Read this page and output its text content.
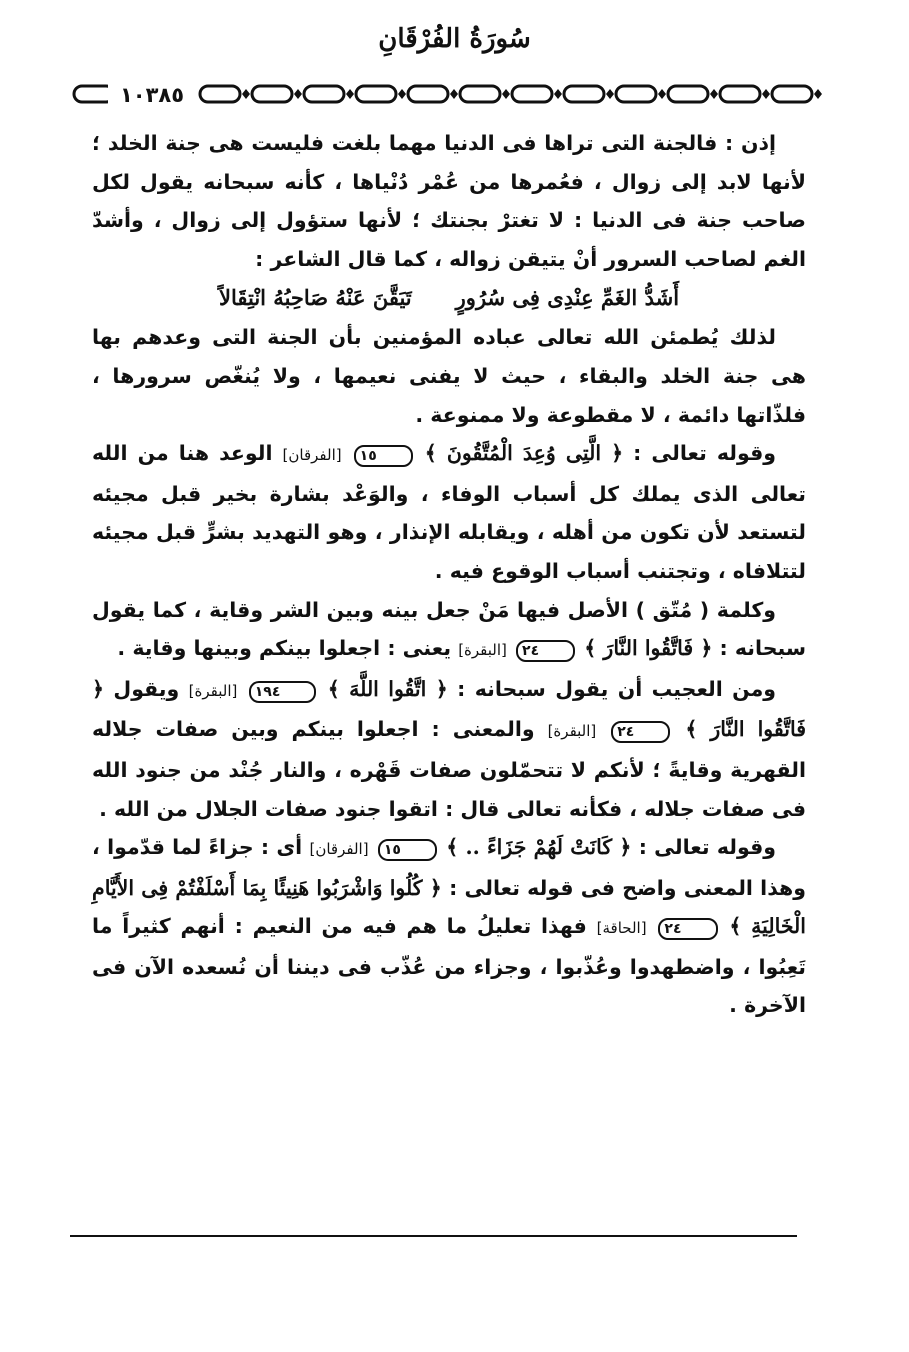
سُورَةُ الفُرْقَانِ
١٠٣٨٥

إذن : فالجنة التى تراها فى الدنيا مهما بلغت فليست هى جنة الخلد ؛ لأنها لابد إلى زوال ، فعُمرها من عُمْر دُنْياها ، كأنه سبحانه يقول لكل صاحب جنة فى الدنيا : لا تغترْ بجنتك ؛ لأنها ستؤول إلى زوال ، وأشدّ الغم لصاحب السرور أنْ يتيقن زواله ، كما قال الشاعر :

أَشَدُّ الغَمِّ عِنْدِى فِى سُرُورٍ
تَيَقَّنَ عَنْهُ صَاحِبُهُ انْتِقَالاً

لذلك يُطمئن الله تعالى عباده المؤمنين بأن الجنة التى وعدهم بها هى جنة الخلد والبقاء ، حيث لا يفنى نعيمها ، ولا يُنغّص سرورها ، فلذّاتها دائمة ، لا مقطوعة ولا ممنوعة .

وقوله تعالى : ﴿ الَّتِى وُعِدَ الْمُتَّقُونَ ﴾ ١٥ [الفرقان] الوعد هنا من الله تعالى الذى يملك كل أسباب الوفاء ، والوَعْد بشارة بخير قبل مجيئه لتستعد لأن تكون من أهله ، ويقابله الإنذار ، وهو التهديد بشرٍّ قبل مجيئه لتتلافاه ، وتجتنب أسباب الوقوع فيه .

وكلمة ( مُتّق ) الأصل فيها مَنْ جعل بينه وبين الشر وقاية ، كما يقول سبحانه : ﴿ فَاتَّقُوا النَّارَ ﴾ ٢٤ [البقرة] يعنى : اجعلوا بينكم وبينها وقاية .

ومن العجيب أن يقول سبحانه : ﴿ اتَّقُوا اللَّهَ ﴾ ١٩٤ [البقرة] ويقول ﴿ فَاتَّقُوا النَّارَ ﴾ ٢٤ [البقرة] والمعنى : اجعلوا بينكم وبين صفات جلاله القهرية وقايةً ؛ لأنكم لا تتحمّلون صفات قَهْره ، والنار جُنْد من جنود الله فى صفات جلاله ، فكأنه تعالى قال : اتقوا جنود صفات الجلال من الله .

وقوله تعالى : ﴿ كَانَتْ لَهُمْ جَزَاءً .. ﴾ ١٥ [الفرقان] أى : جزاءً لما قدّموا ، وهذا المعنى واضح فى قوله تعالى : ﴿ كُلُوا وَاشْرَبُوا هَنِيئًا بِمَا أَسْلَفْتُمْ فِى الأَيَّامِ الْخَالِيَةِ ﴾ ٢٤ [الحاقة] فهذا تعليلُ ما هم فيه من النعيم : أنهم كثيراً ما تَعِبُوا ، واضطهدوا وعُذّبوا ، وجزاء من عُذّب فى ديننا أن نُسعده الآن فى الآخرة .
